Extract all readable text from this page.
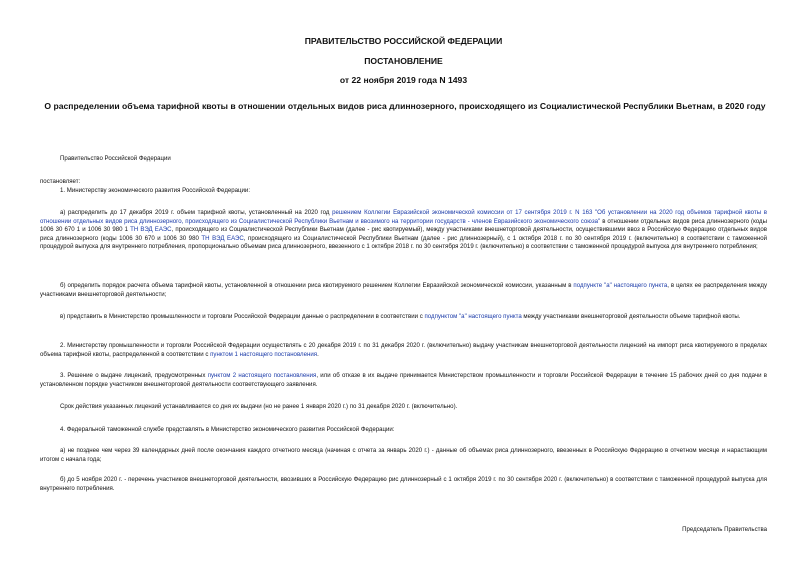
ПРАВИТЕЛЬСТВО РОССИЙСКОЙ ФЕДЕРАЦИИ
ПОСТАНОВЛЕНИЕ
от 22 ноября 2019 года N 1493
О распределении объема тарифной квоты в отношении отдельных видов риса длиннозерного, происходящего из Социалистической Республики Вьетнам, в 2020 году
Правительство Российской Федерации
постановляет:
1. Министерству экономического развития Российской Федерации:
а) распределить до 17 декабря 2019 г. объем тарифной квоты, установленный на 2020 год решением Коллегии Евразийской экономической комиссии от 17 сентября 2019 г. N 163 "Об установлении на 2020 год объемов тарифной квоты в отношении отдельных видов риса длиннозерного, происходящего из Социалистической Республики Вьетнам и ввозимого на территории государств - членов Евразийского экономического союза" в отношении отдельных видов риса длиннозерного (коды 1006 30 670 1 и 1006 30 980 1 ТН ВЭД ЕАЭС, происходящего из Социалистической Республики Вьетнам (далее - рис квотируемый), между участниками внешнеторговой деятельности, осуществившими ввоз в Российскую Федерацию отдельных видов риса длиннозерного (коды 1006 30 670 и 1006 30 980 ТН ВЭД ЕАЭС, происходящего из Социалистической Республики Вьетнам (далее - рис длиннозерный), с 1 октября 2018 г. по 30 сентября 2019 г. (включительно) в соответствии с таможенной процедурой выпуска для внутреннего потребления, пропорционально объемам риса длиннозерного, ввезенного с 1 октября 2018 г. по 30 сентября 2019 г. (включительно) в соответствии с таможенной процедурой выпуска для внутреннего потребления;
б) определить порядок расчета объема тарифной квоты, установленной в отношении риса квотируемого решением Коллегии Евразийской экономической комиссии, указанным в подпункте "а" настоящего пункта, в целях ее распределения между участниками внешнеторговой деятельности;
в) представить в Министерство промышленности и торговли Российской Федерации данные о распределении в соответствии с подпунктом "а" настоящего пункта между участниками внешнеторговой деятельности объеме тарифной квоты.
2. Министерству промышленности и торговли Российской Федерации осуществлять с 20 декабря 2019 г. по 31 декабря 2020 г. (включительно) выдачу участникам внешнеторговой деятельности лицензий на импорт риса квотируемого в пределах объема тарифной квоты, распределенной в соответствии с пунктом 1 настоящего постановления.
3. Решение о выдаче лицензий, предусмотренных пунктом 2 настоящего постановления, или об отказе в их выдаче принимается Министерством промышленности и торговли Российской Федерации в течение 15 рабочих дней со дня подачи в установленном порядке участником внешнеторговой деятельности соответствующего заявления.
Срок действия указанных лицензий устанавливается со дня их выдачи (но не ранее 1 января 2020 г.) по 31 декабря 2020 г. (включительно).
4. Федеральной таможенной службе представлять в Министерство экономического развития Российской Федерации:
а) не позднее чем через 39 календарных дней после окончания каждого отчетного месяца (начиная с отчета за январь 2020 г.) - данные об объемах риса длиннозерного, ввезенных в Российскую Федерацию в отчетном месяце и нарастающим итогом с начала года;
б) до 5 ноября 2020 г. - перечень участников внешнеторговой деятельности, ввозивших в Российскую Федерацию рис длиннозерный с 1 октября 2019 г. по 30 сентября 2020 г. (включительно) в соответствии с таможенной процедурой выпуска для внутреннего потребления.
Председатель Правительства
